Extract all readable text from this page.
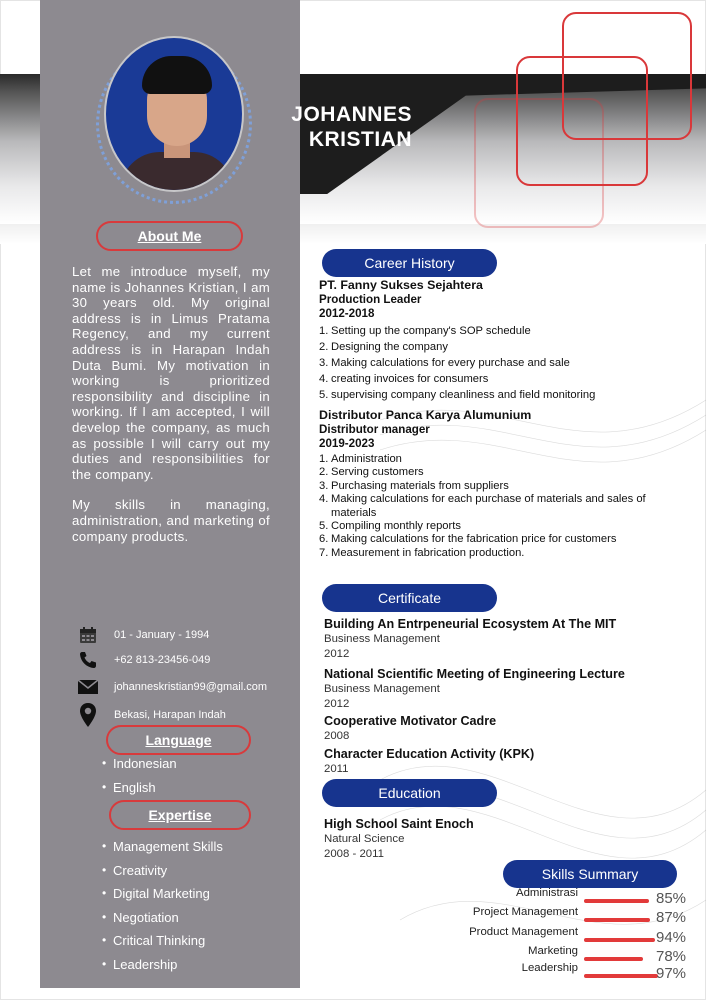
JOHANNES
KRISTIAN
About Me

Let me introduce myself, my name is Johannes Kristian, I am 30 years old. My original address is in Limus Pratama Regency, and my current address is in Harapan Indah Duta Bumi. My motivation in working is prioritized responsibility and discipline in working. If I am accepted, I will develop the company, as much as possible I will carry out my duties and responsibilities for the company.

My skills in managing, administration, and marketing of company products.

01 - January - 1994
+62 813-23456-049
johanneskristian99@gmail.com
Bekasi, Harapan Indah
Language
• Indonesian
• English
Expertise
• Management Skills
• Creativity
• Digital Marketing
• Negotiation
• Critical Thinking
• Leadership
Career History
PT. Fanny Sukses Sejahtera
Production Leader
2012-2018
1. Setting up the company's SOP schedule
2. Designing the company
3. Making calculations for every purchase and sale
4. creating invoices for consumers
5. supervising company cleanliness and field monitoring
Distributor Panca Karya Alumunium
Distributor manager
2019-2023
1. Administration
2. Serving customers
3. Purchasing materials from suppliers
4. Making calculations for each purchase of materials and sales of materials
5. Compiling monthly reports
6. Making calculations for the fabrication price for customers
7. Measurement in fabrication production.
Certificate
Building An Entrpeneurial Ecosystem At The MIT
Business Management
2012
National Scientific Meeting of Engineering Lecture
Business Management
2012
Cooperative Motivator Cadre
2008
Character Education Activity (KPK)
2011
Education
High School Saint Enoch
Natural Science
2008 - 2011
Skills Summary
Administrasi	85%
Project Management	87%
Product Management	94%
Marketing	78%
Leadership	97%
